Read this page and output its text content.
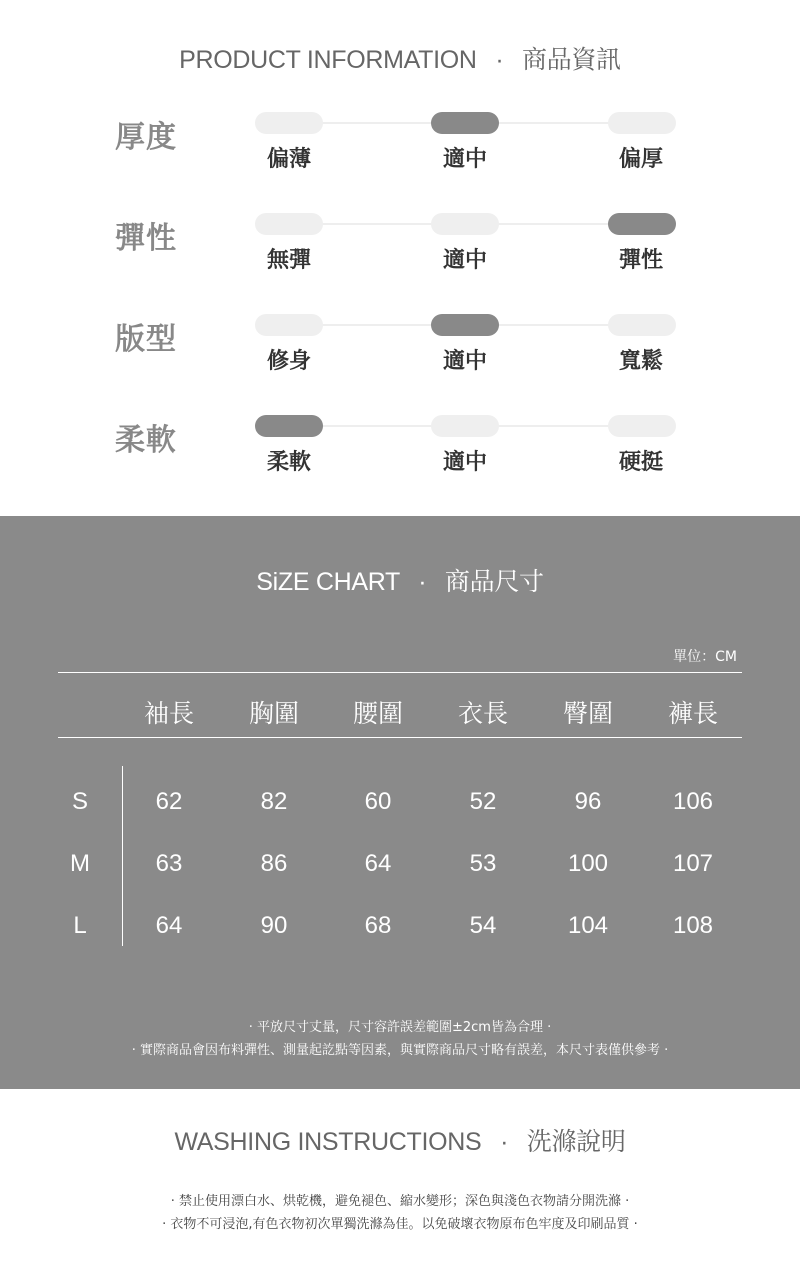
PRODUCT INFORMATION · 商品資訊
厚度
偏薄	適中	偏厚
彈性
無彈	適中	彈性
版型
修身	適中	寬鬆
柔軟
柔軟	適中	硬挺
SiZE CHART · 商品尺寸
單位：CM
袖長	胸圍	腰圍	衣長	臀圍	褲長
S	62	82	60	52	96	106
M	63	86	64	53	100	107
L	64	90	68	54	104	108
· 平放尺寸丈量，尺寸容許誤差範圍±2cm皆為合理 ·
· 實際商品會因布料彈性、測量起訖點等因素，與實際商品尺寸略有誤差，本尺寸表僅供參考 ·
WASHING INSTRUCTIONS · 洗滌說明
· 禁止使用漂白水、烘乾機，避免褪色、縮水變形；深色與淺色衣物請分開洗滌 ·
· 衣物不可浸泡,有色衣物初次單獨洗滌為佳。以免破壞衣物原布色牢度及印刷品質 ·
